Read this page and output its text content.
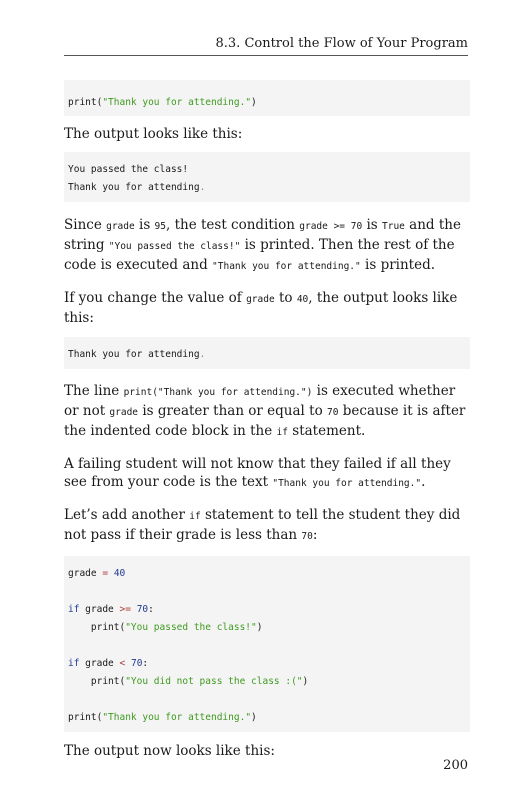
8.3. Control the Flow of Your Program
print("Thank you for attending.")

The output looks like this:

You passed the class!
Thank you for attending.

Since grade is 95, the test condition grade >= 70 is True and the string "You passed the class!" is printed. Then the rest of the code is executed and "Thank you for attending." is printed.

If you change the value of grade to 40, the output looks like this:

Thank you for attending.

The line print("Thank you for attending.") is executed whether or not grade is greater than or equal to 70 because it is after the indented code block in the if statement.

A failing student will not know that they failed if all they see from your code is the text "Thank you for attending.".

Let’s add another if statement to tell the student they did not pass if their grade is less than 70:

grade = 40
if grade >= 70:
print("You passed the class!")
if grade < 70:
print("You did not pass the class :(")
print("Thank you for attending.")

The output now looks like this:

200
